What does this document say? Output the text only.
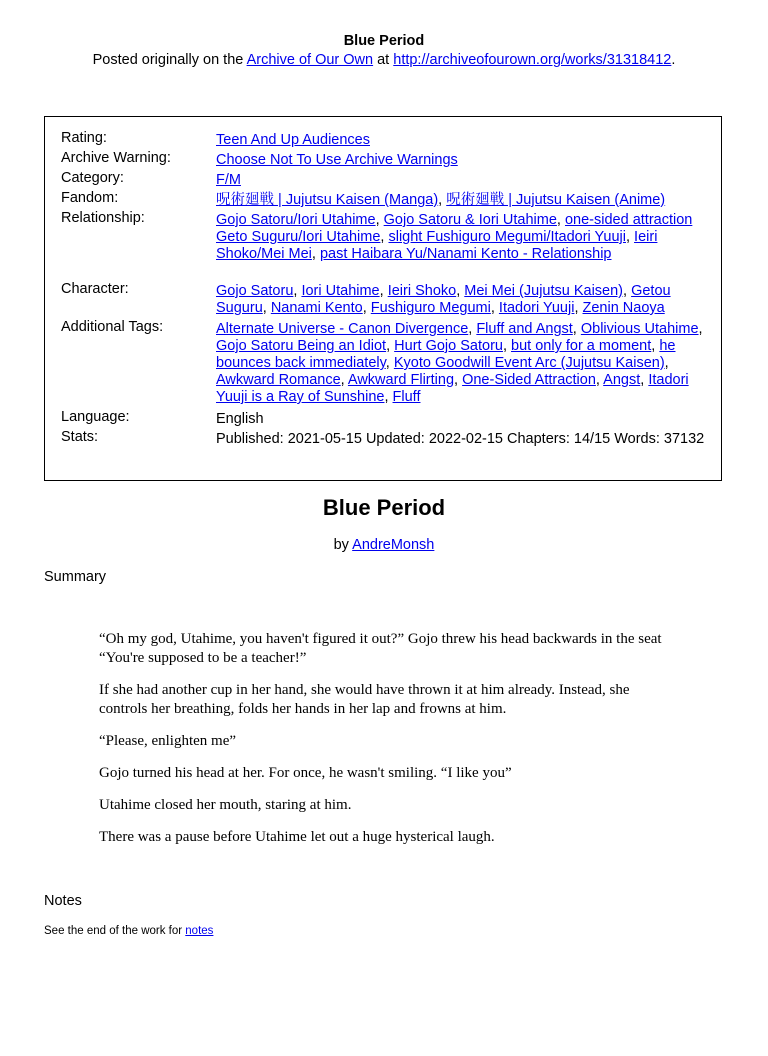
Blue Period
Posted originally on the Archive of Our Own at http://archiveofourown.org/works/31318412.
Rating:	Teen And Up Audiences
Archive Warning:	Choose Not To Use Archive Warnings
Category:	F/M
Fandom:	呪術廻戦 | Jujutsu Kaisen (Manga), 呪術廻戦 | Jujutsu Kaisen (Anime)
Relationship:	Gojo Satoru/Iori Utahime, Gojo Satoru & Iori Utahime, one-sided attraction Geto Suguru/Iori Utahime, slight Fushiguro Megumi/Itadori Yuuji, Ieiri Shoko/Mei Mei, past Haibara Yu/Nanami Kento - Relationship
Character:	Gojo Satoru, Iori Utahime, Ieiri Shoko, Mei Mei (Jujutsu Kaisen), Getou Suguru, Nanami Kento, Fushiguro Megumi, Itadori Yuuji, Zenin Naoya
Additional Tags:	Alternate Universe - Canon Divergence, Fluff and Angst, Oblivious Utahime, Gojo Satoru Being an Idiot, Hurt Gojo Satoru, but only for a moment, he bounces back immediately, Kyoto Goodwill Event Arc (Jujutsu Kaisen), Awkward Romance, Awkward Flirting, One-Sided Attraction, Angst, Itadori Yuuji is a Ray of Sunshine, Fluff
Language:	English
Stats:	Published: 2021-05-15 Updated: 2022-02-15 Chapters: 14/15 Words: 37132
Blue Period
by AndreMonsh
Summary

“Oh my god, Utahime, you haven't figured it out?” Gojo threw his head backwards in the seat “You're supposed to be a teacher!”

If she had another cup in her hand, she would have thrown it at him already. Instead, she controls her breathing, folds her hands in her lap and frowns at him.

“Please, enlighten me”

Gojo turned his head at her. For once, he wasn't smiling. “I like you”

Utahime closed her mouth, staring at him.

There was a pause before Utahime let out a huge hysterical laugh.

Notes
See the end of the work for notes
